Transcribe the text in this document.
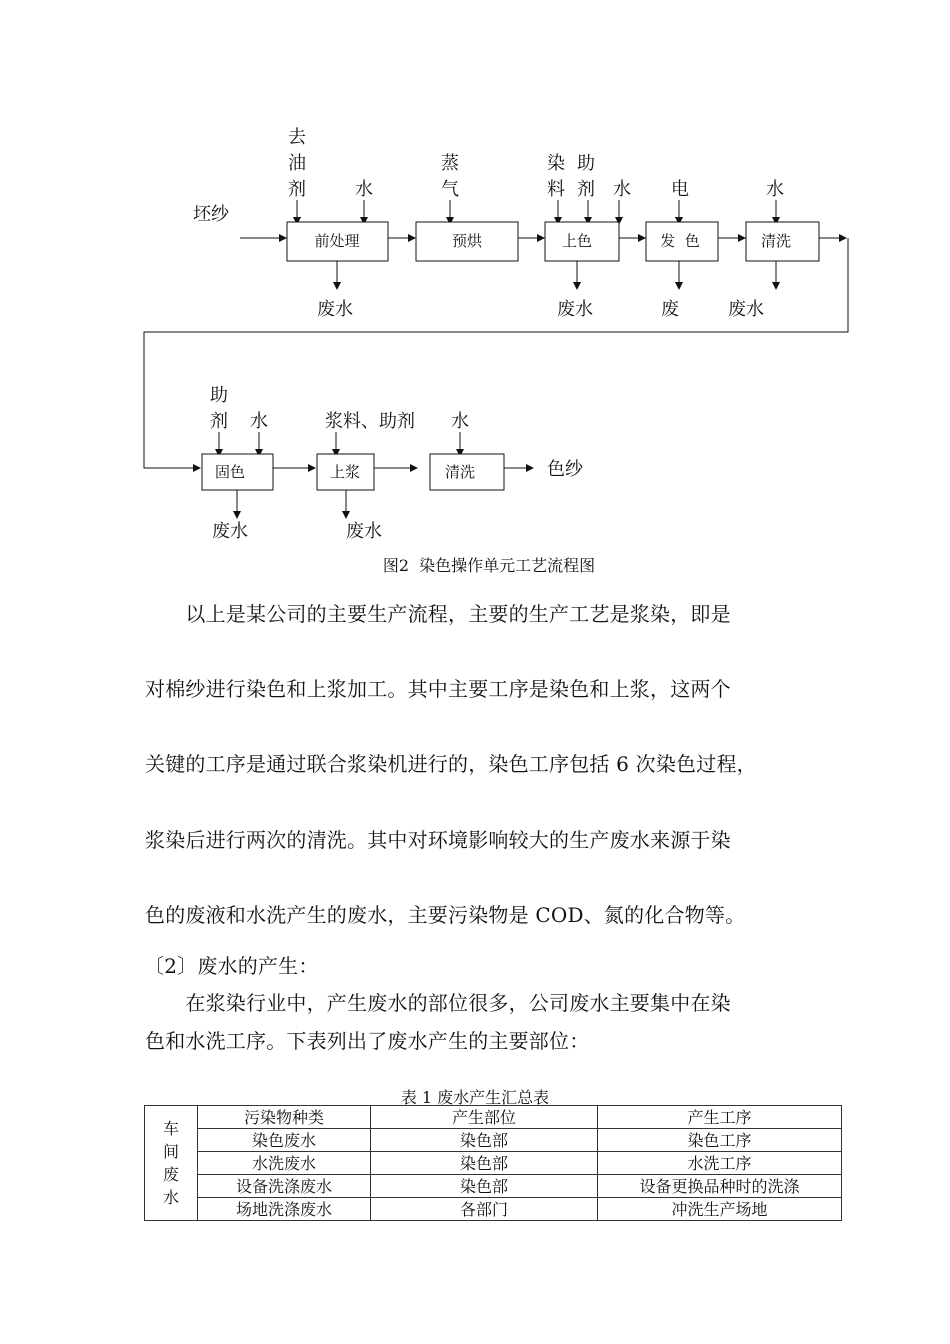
去
油
剂	水
蒸
气
染
料
助
剂 水 电	水
坯纱
前处理	预烘	上色	发  色	清洗
废水	废水	废	废水
助
剂 水	浆料、助剂 水
固色	上浆	清洗	色纱
废水	废水
图2  染色操作单元工艺流程图

　　以上是某公司的主要生产流程，主要的生产工艺是浆染，即是

对棉纱进行染色和上浆加工。其中主要工序是染色和上浆，这两个

关键的工序是通过联合浆染机进行的，染色工序包括 6 次染色过程，

浆染后进行两次的清洗。其中对环境影响较大的生产废水来源于染

色的废液和水洗产生的废水，主要污染物是 COD、氮的化合物等。

〔2〕废水的产生：

　　在浆染行业中，产生废水的部位很多，公司废水主要集中在染

色和水洗工序。下表列出了废水产生的主要部位：

表 1 废水产生汇总表

车间废水	污染物种类	产生部位	产生工序
	染色废水	染色部	染色工序
	水洗废水	染色部	水洗工序
	设备洗涤废水	染色部	设备更换品种时的洗涤
	场地洗涤废水	各部门	冲洗生产场地
